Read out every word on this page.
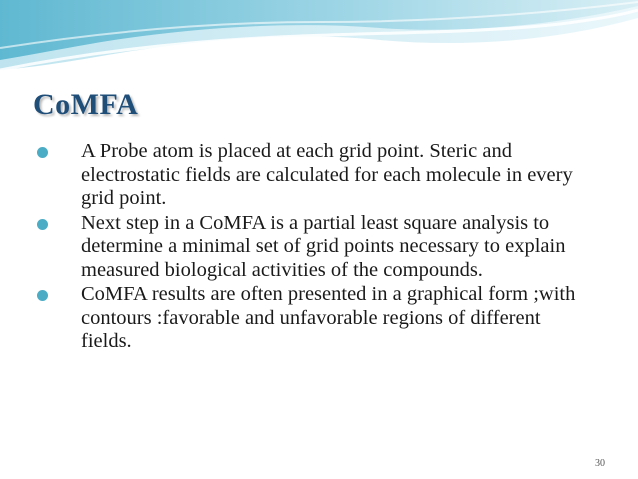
CoMFA
A Probe atom is placed at each grid point. Steric and electrostatic fields are calculated for each molecule in every grid point.
Next step in a CoMFA is a partial least square analysis to determine a minimal set of grid points necessary to explain measured biological activities of the compounds.
CoMFA results are often presented in a graphical form ;with contours :favorable and unfavorable regions of different fields.
30
